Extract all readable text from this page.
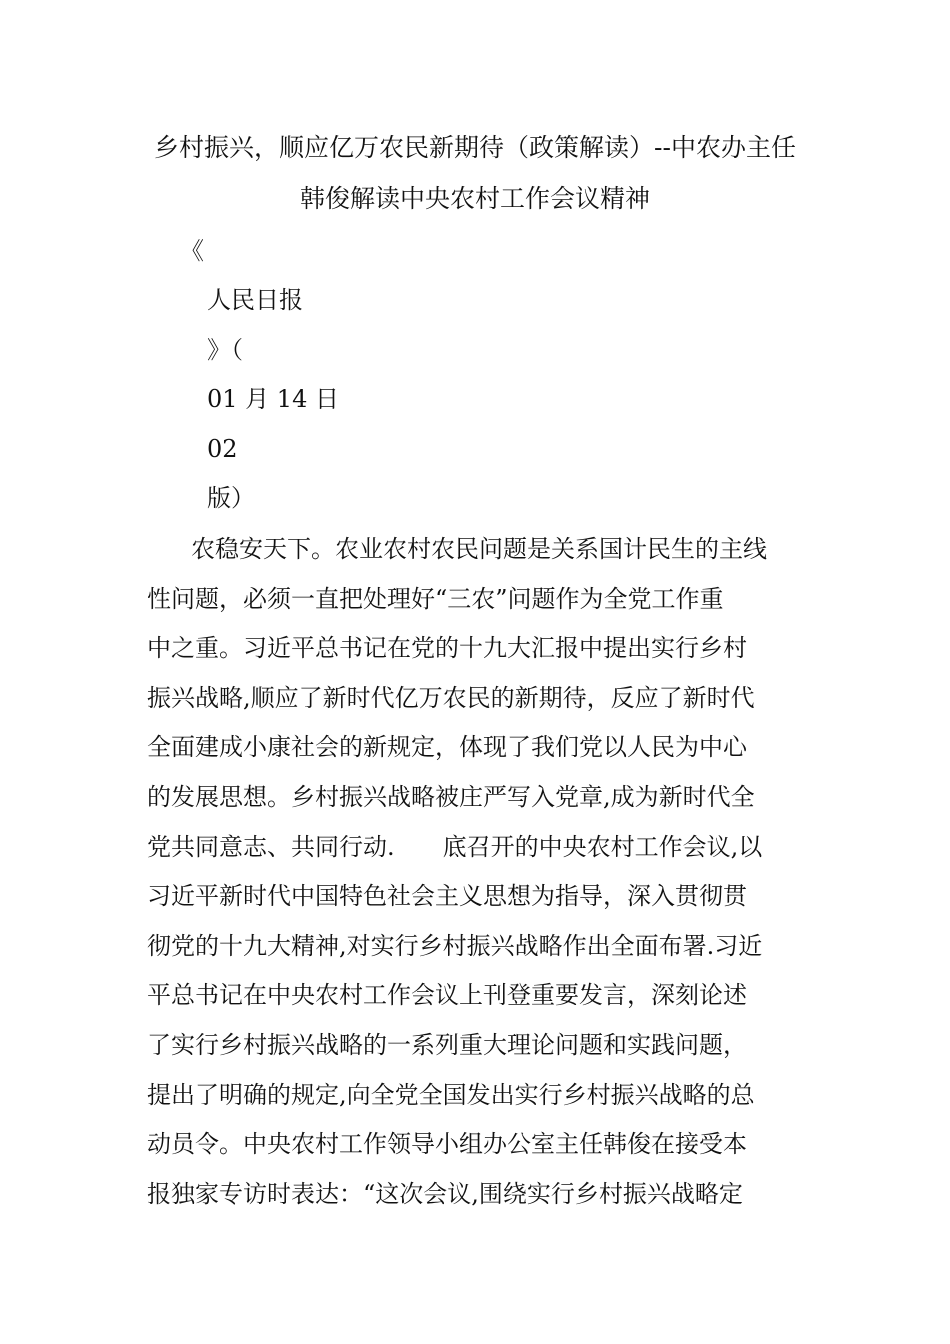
乡村振兴，顺应亿万农民新期待（政策解读）--中农办主任
韩俊解读中央农村工作会议精神
《
人民日报
》（
01 月 14 日
02
版）
农稳安天下。农业农村农民问题是关系国计民生的主线
性问题，必须一直把处理好“三农”问题作为全党工作重
中之重。习近平总书记在党的十九大汇报中提出实行乡村
振兴战略,顺应了新时代亿万农民的新期待，反应了新时代
全面建成小康社会的新规定，体现了我们党以人民为中心
的发展思想。乡村振兴战略被庄严写入党章,成为新时代全
党共同意志、共同行动.　　底召开的中央农村工作会议,以
习近平新时代中国特色社会主义思想为指导，深入贯彻贯
彻党的十九大精神,对实行乡村振兴战略作出全面布署.习近
平总书记在中央农村工作会议上刊登重要发言，深刻论述
了实行乡村振兴战略的一系列重大理论问题和实践问题，
提出了明确的规定,向全党全国发出实行乡村振兴战略的总
动员令。中央农村工作领导小组办公室主任韩俊在接受本
报独家专访时表达：“这次会议,围绕实行乡村振兴战略定
